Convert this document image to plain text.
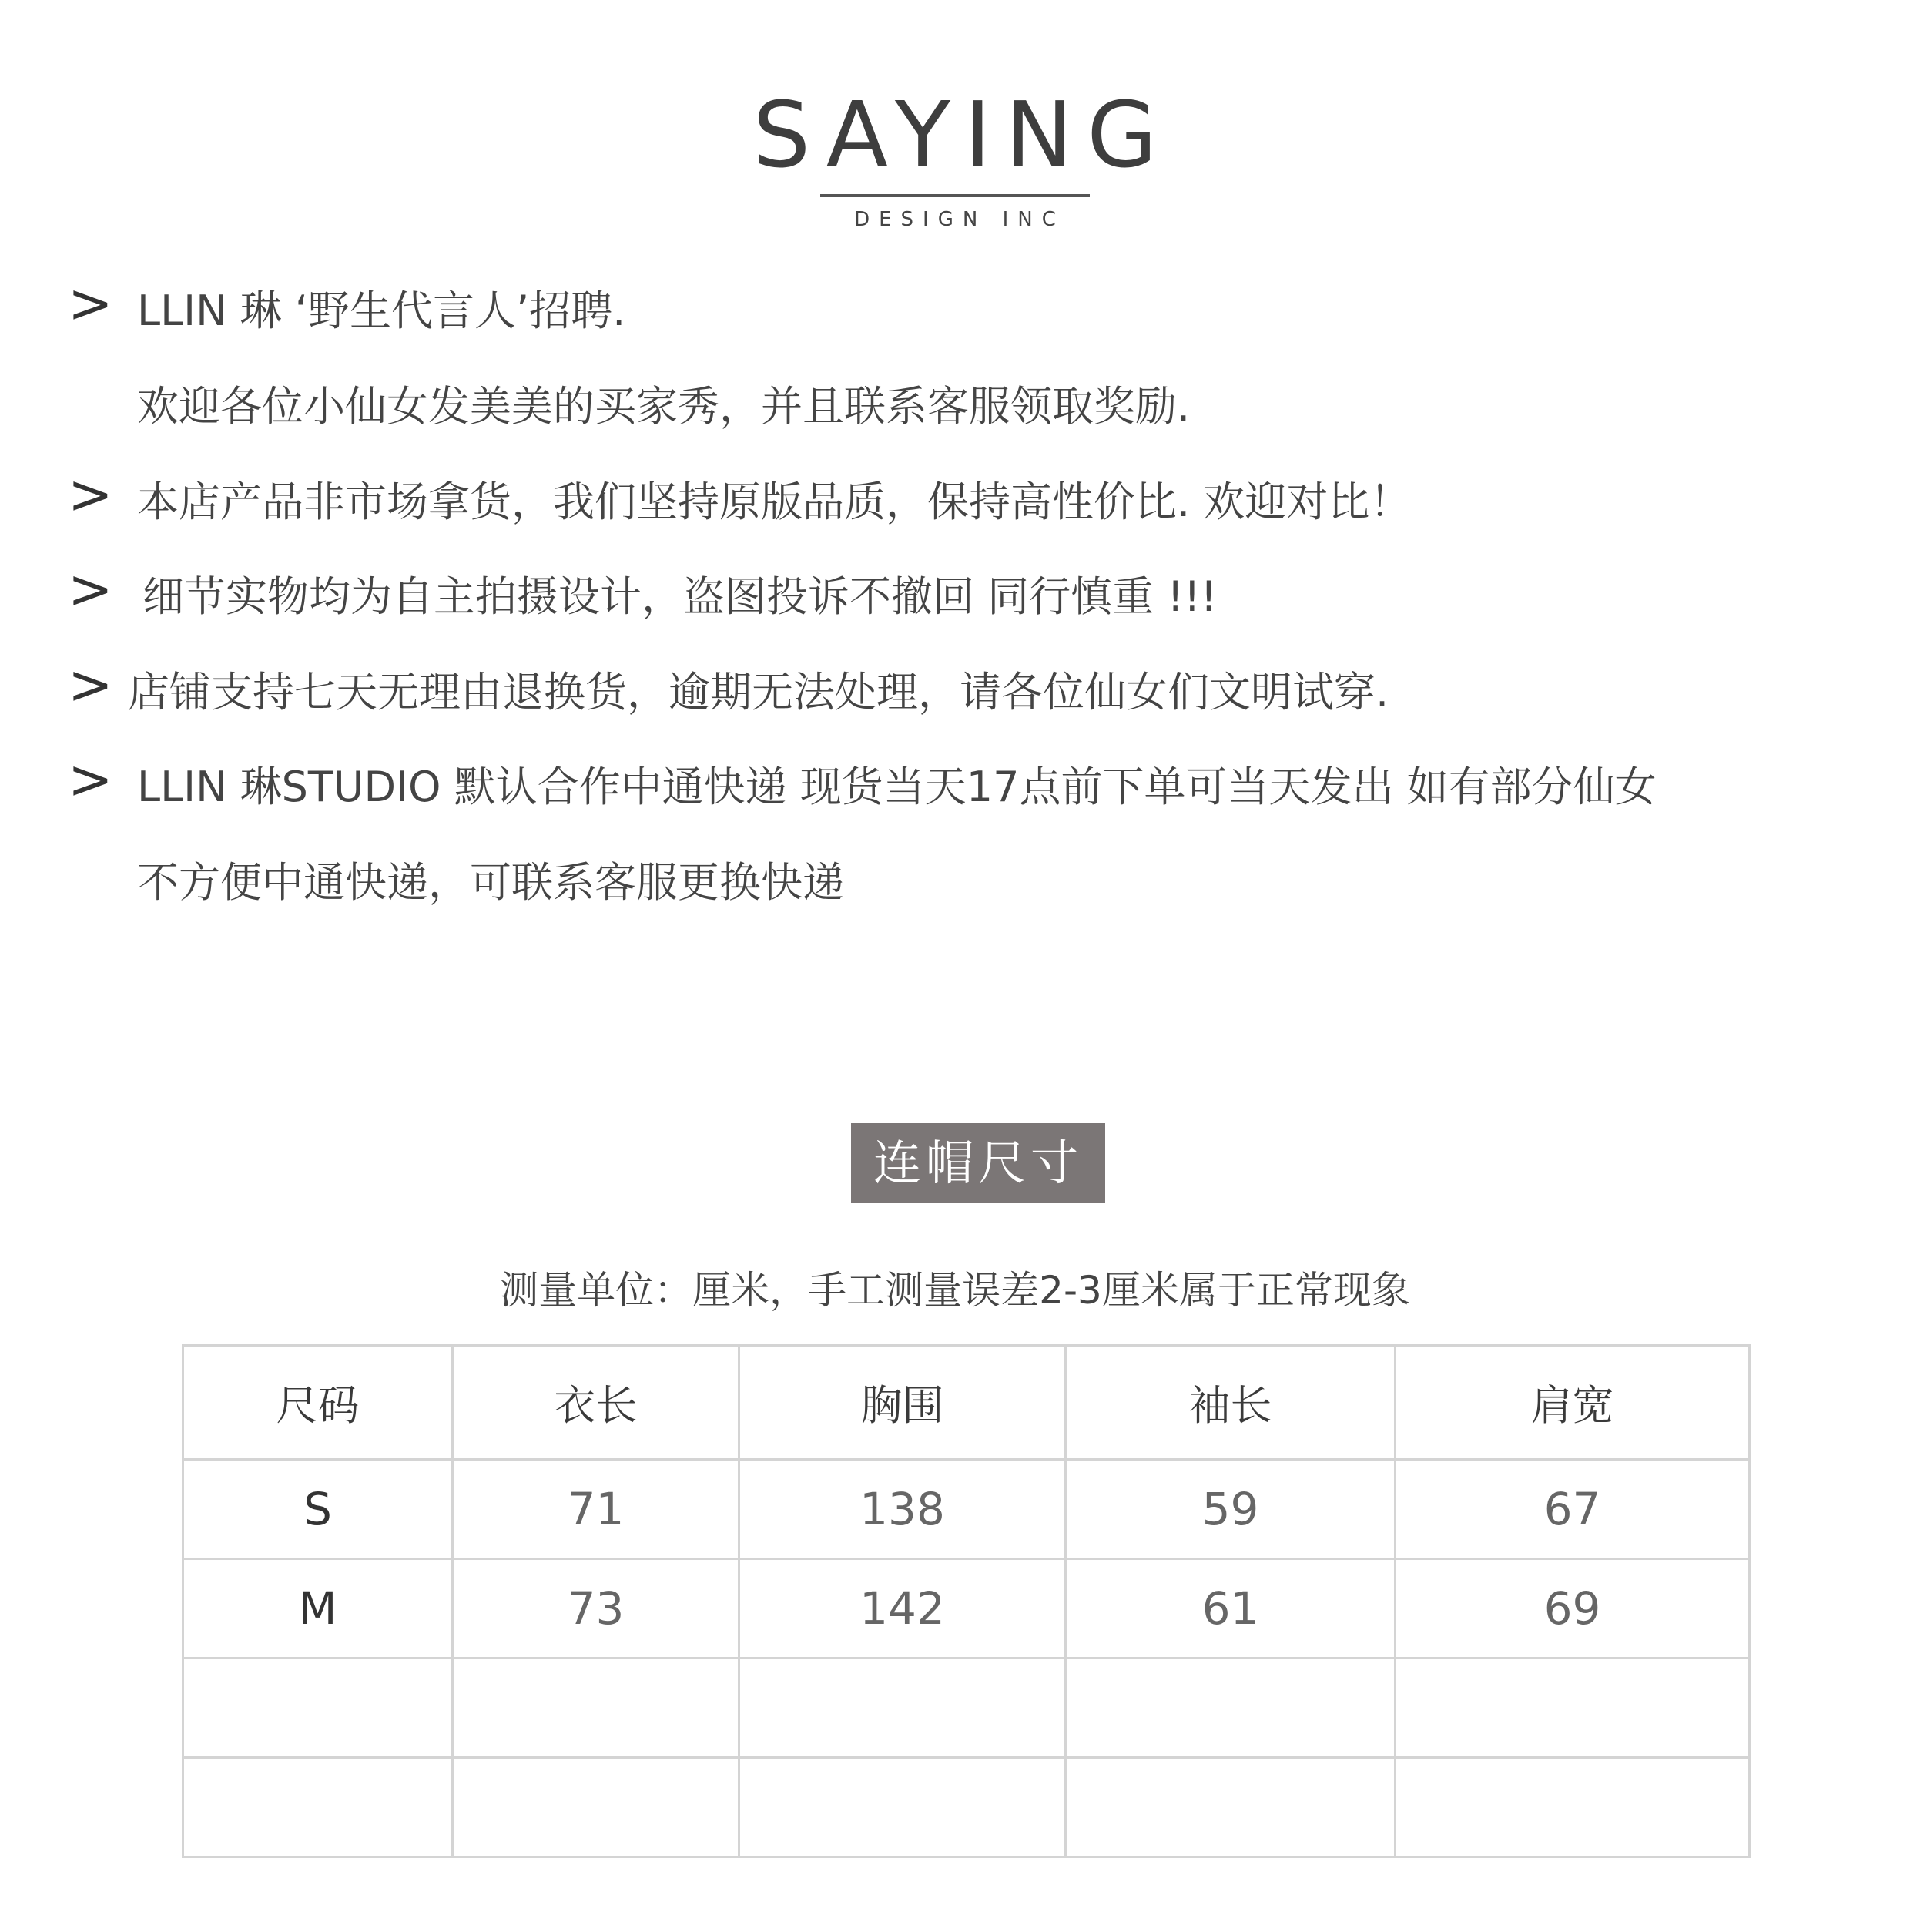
SAYING
DESIGN INC
> LLIN 琳 ‘野生代言人’招聘.
欢迎各位小仙女发美美的买家秀，并且联系客服领取奖励.
> 本店产品非市场拿货，我们坚持原版品质，保持高性价比. 欢迎对比！
> 细节实物均为自主拍摄设计，盗图投诉不撤回 同行慎重 !!!
> 店铺支持七天无理由退换货，逾期无法处理，请各位仙女们文明试穿.
> LLIN 琳STUDIO 默认合作中通快递 现货当天17点前下单可当天发出 如有部分仙女
不方便中通快递，可联系客服更换快递
连帽尺寸
测量单位：厘米，手工测量误差2-3厘米属于正常现象
尺码	衣长	胸围	袖长	肩宽
S	71	138	59	67
M	73	142	61	69
